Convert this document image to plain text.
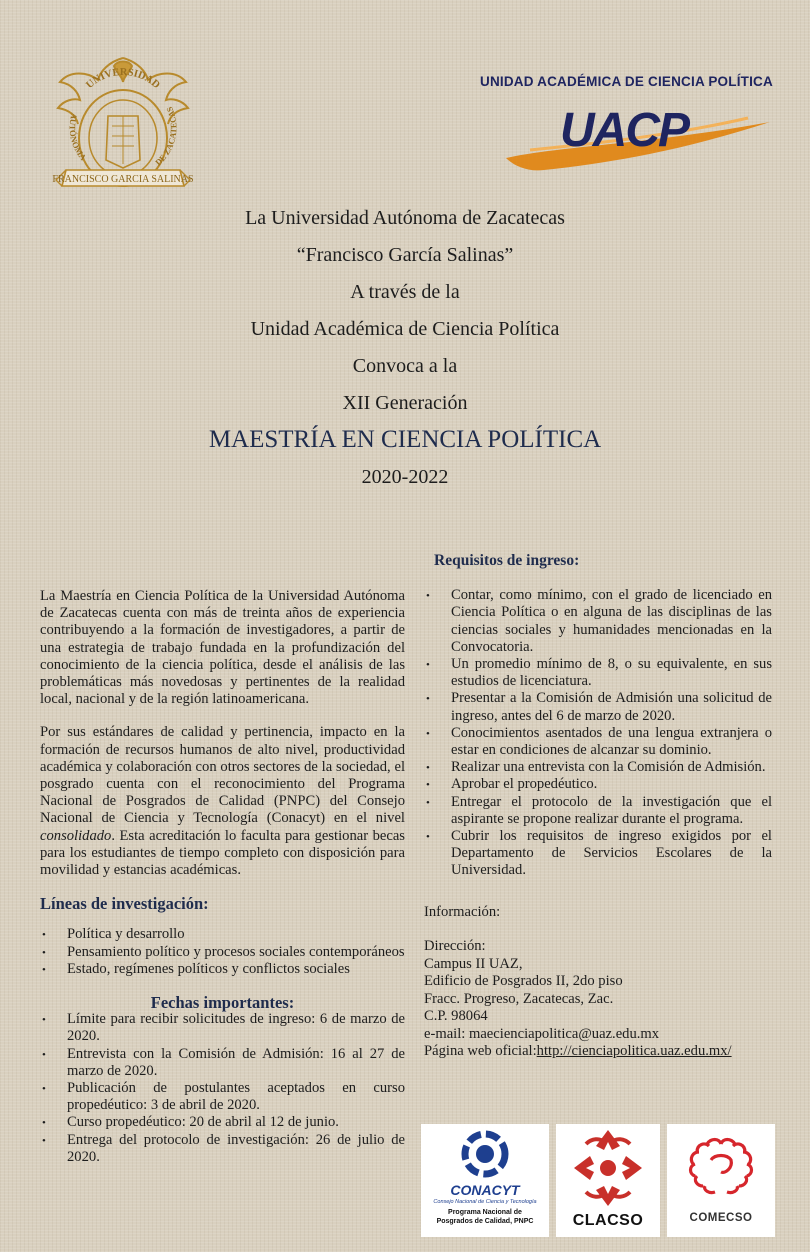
UNIVERSIDAD
AUTÓNOMA	DE ZACATECAS
FRANCISCO GARCIA SALINAS
UNIDAD ACADÉMICA DE CIENCIA POLÍTICA
UACP
La Universidad Autónoma de Zacatecas
“Francisco García Salinas”
A través de la
Unidad Académica de Ciencia Política
Convoca a la
XII Generación
MAESTRÍA EN CIENCIA POLÍTICA
2020-2022

La Maestría en Ciencia Política de la Universidad Autónoma de Zacatecas cuenta con más de treinta años de experiencia contribuyendo a la formación de investigadores, a partir de una estrategia de trabajo fundada en la profundización del conocimiento de la ciencia política, desde el análisis de las problemáticas más novedosas y pertinentes de la realidad local, nacional y de la región latinoamericana.

Por sus estándares de calidad y pertinencia, impacto en la formación de recursos humanos de alto nivel, productividad académica y colaboración con otros sectores de la sociedad, el posgrado cuenta con el reconocimiento del Programa Nacional de Posgrados de Calidad (PNPC) del Consejo Nacional de Ciencia y Tecnología (Conacyt) en el nivel consolidado. Esta acreditación lo faculta para gestionar becas para los estudiantes de tiempo completo con disposición para movilidad y estancias académicas.

Líneas de investigación:
• Política y desarrollo
• Pensamiento político y procesos sociales contemporáneos
• Estado, regímenes políticos y conflictos sociales
Fechas importantes:
• Límite para recibir solicitudes de ingreso: 6 de marzo de 2020.
• Entrevista con la Comisión de Admisión: 16 al 27 de marzo de 2020.
• Publicación de postulantes aceptados en curso propedéutico: 3 de abril de 2020.
• Curso propedéutico: 20 de abril al 12 de junio.
• Entrega del protocolo de investigación: 26 de julio de 2020.
Requisitos de ingreso:
• Contar, como mínimo, con el grado de licenciado en Ciencia Política o en alguna de las disciplinas de las ciencias sociales y humanidades mencionadas en la Convocatoria.
• Un promedio mínimo de 8, o su equivalente, en sus estudios de licenciatura.
• Presentar a la Comisión de Admisión una solicitud de ingreso, antes del 6 de marzo de 2020.
• Conocimientos asentados de una lengua extranjera o estar en condiciones de alcanzar su dominio.
• Realizar una entrevista con la Comisión de Admisión.
• Aprobar el propedéutico.
• Entregar el protocolo de la investigación que el aspirante se propone realizar durante el programa.
• Cubrir los requisitos de ingreso exigidos por el Departamento de Servicios Escolares de la Universidad.

Información:

Dirección:

Campus II UAZ,

Edificio de Posgrados II, 2do piso

Fracc. Progreso, Zacatecas, Zac.

C.P. 98064

e-mail: maecienciapolitica@uaz.edu.mx

Página web oficial:http://cienciapolitica.uaz.edu.mx/

CONACYT
Consejo Nacional de Ciencia y Tecnología
Programa Nacional de
Posgrados de Calidad, PNPC	CLACSO	COMECSO
